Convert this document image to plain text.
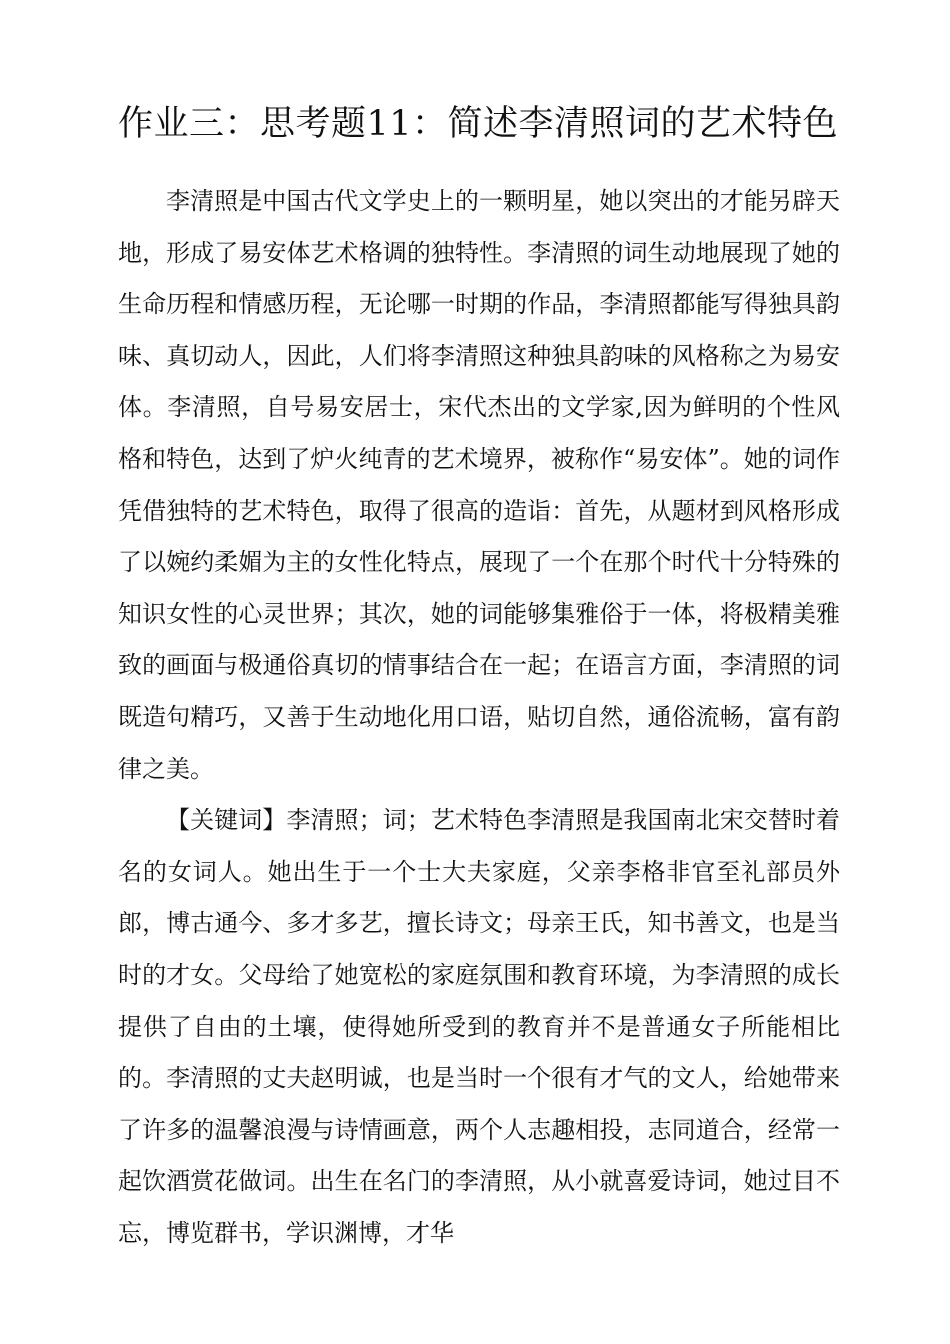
作业三：思考题11：简述李清照词的艺术特色

李清照是中国古代文学史上的一颗明星，她以突出的才能另辟天地，形成了易安体艺术格调的独特性。李清照的词生动地展现了她的生命历程和情感历程，无论哪一时期的作品，李清照都能写得独具韵味、真切动人，因此，人们将李清照这种独具韵味的风格称之为易安体。李清照，自号易安居士，宋代杰出的文学家,因为鲜明的个性风格和特色，达到了炉火纯青的艺术境界，被称作“易安体”。她的词作凭借独特的艺术特色，取得了很高的造诣：首先，从题材到风格形成了以婉约柔媚为主的女性化特点，展现了一个在那个时代十分特殊的知识女性的心灵世界；其次，她的词能够集雅俗于一体，将极精美雅致的画面与极通俗真切的情事结合在一起；在语言方面，李清照的词既造句精巧，又善于生动地化用口语，贴切自然，通俗流畅，富有韵律之美。

【关键词】李清照；词；艺术特色李清照是我国南北宋交替时着名的女词人。她出生于一个士大夫家庭，父亲李格非官至礼部员外郎，博古通今、多才多艺，擅长诗文；母亲王氏，知书善文，也是当时的才女。父母给了她宽松的家庭氛围和教育环境，为李清照的成长提供了自由的土壤，使得她所受到的教育并不是普通女子所能相比的。李清照的丈夫赵明诚，也是当时一个很有才气的文人，给她带来了许多的温馨浪漫与诗情画意，两个人志趣相投，志同道合，经常一起饮酒赏花做词。出生在名门的李清照，从小就喜爱诗词，她过目不忘，博览群书，学识渊博，才华
